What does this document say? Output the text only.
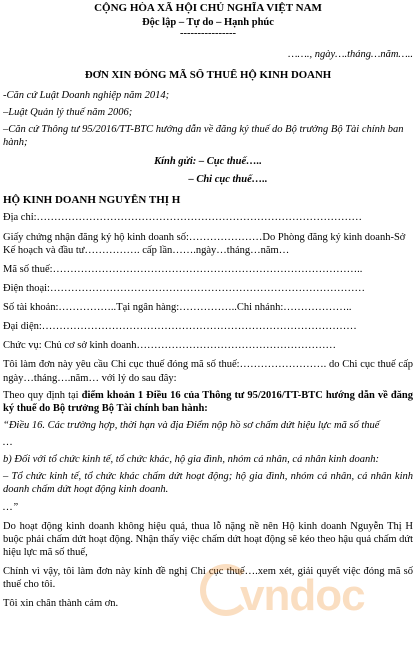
CỘNG HÒA XÃ HỘI CHỦ NGHĨA VIỆT NAM
Độc lập – Tự do – Hạnh phúc
----------------
……., ngày….tháng…năm…..
ĐƠN XIN ĐÓNG MÃ SỐ THUẾ HỘ KINH DOANH
-Căn cứ Luật Doanh nghiệp năm 2014;
–Luật Quản lý thuế năm 2006;
–Căn cứ Thông tư 95/2016/TT-BTC hướng dẫn về đăng ký thuế do Bộ trưởng Bộ Tài chính ban hành;
Kính gửi: – Cục thuế…..
– Chi cục thuế…..
HỘ KINH DOANH NGUYỄN THỊ H
Địa chỉ:…………………………………………………………………………………
Giấy chứng nhận đăng ký hộ kinh doanh số:…………………Do Phòng đăng ký kinh doanh-Sở Kế hoạch và đầu tư……………. cấp lần…….ngày…tháng…năm…
Mã số thuế:……………………………………………………………………………..
Điện thoại:………………………………………………………………………………
Số tài khoản:……………..Tại ngân hàng:……………..Chi nhánh:………………..
Đại diện:………………………………………………………………………………
Chức vụ: Chủ cơ sở kinh doanh…………………………………………………
Tôi làm đơn này yêu cầu Chi cục thuế đóng mã số thuế:……………………. do Chi cục thuế cấp ngày…tháng….năm… với lý do sau đây:
Theo quy định tại điểm khoản 1 Điều 16 của Thông tư 95/2016/TT-BTC hướng dẫn về đăng ký thuế do Bộ trưởng Bộ Tài chính ban hành:
“Điều 16. Các trường hợp, thời hạn và địa Điểm nộp hồ sơ chấm dứt hiệu lực mã số thuế
…
b) Đối với tổ chức kinh tế, tổ chức khác, hộ gia đình, nhóm cá nhân, cá nhân kinh doanh:
– Tổ chức kinh tế, tổ chức khác chấm dứt hoạt động; hộ gia đình, nhóm cá nhân, cá nhân kinh doanh chấm dứt hoạt động kinh doanh.
…”
Do hoạt động kinh doanh không hiệu quả, thua lỗ nặng nề nên Hộ kinh doanh Nguyễn Thị H buộc phải chấm dứt hoạt động. Nhận thấy việc chấm dứt hoạt động sẽ kéo theo hậu quả chấm dứt hiệu lực mã số thuế,
Chính vì vậy, tôi làm đơn này kính đề nghị Chi cục thuế….xem xét, giải quyết việc đóng mã số thuế cho tôi.
Tôi xin chân thành cảm ơn.	vndoc
